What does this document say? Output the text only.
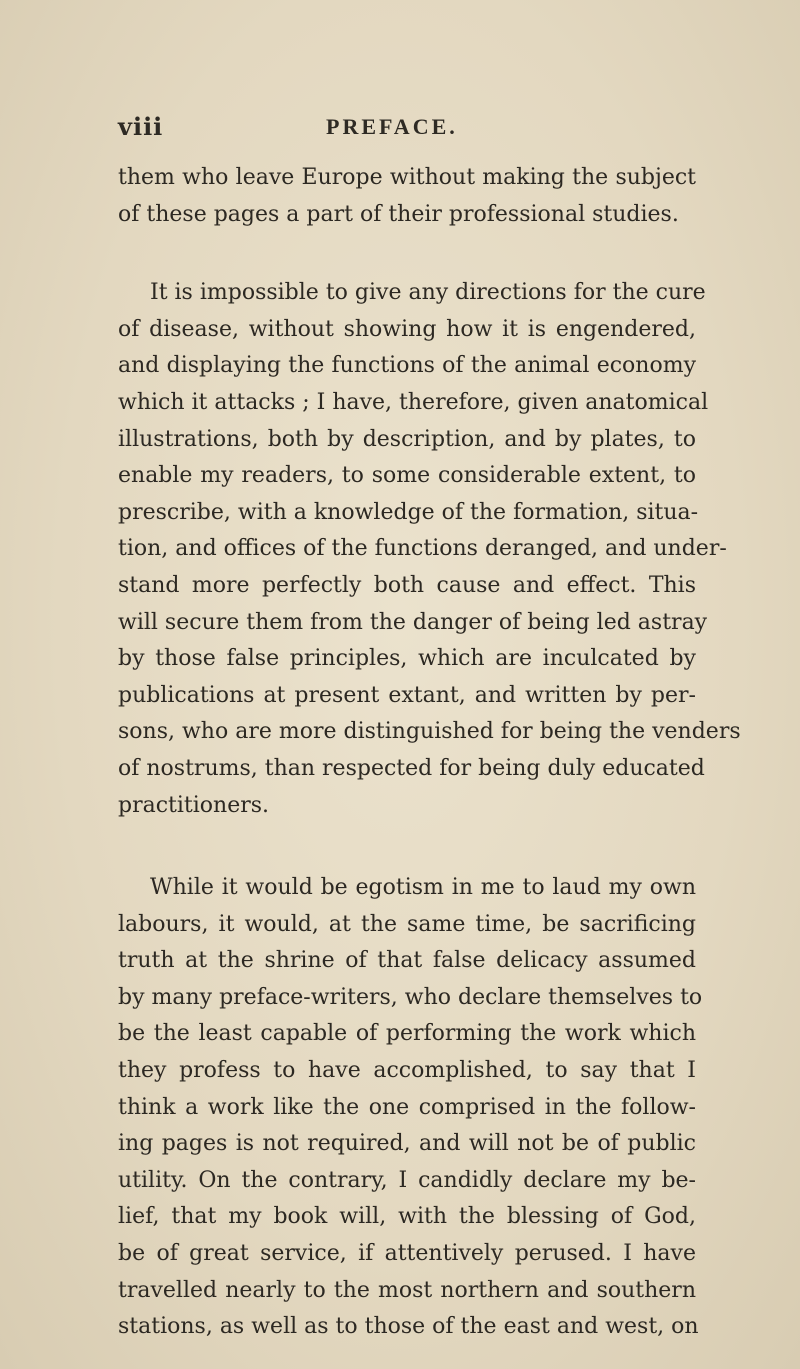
viii	PREFACE.
them who leave Europe without making the subject
of these pages a part of their professional studies.
It is impossible to give any directions for the cure
of disease, without showing how it is engendered,
and displaying the functions of the animal economy
which it attacks ; I have, therefore, given anatomical
illustrations, both by description, and by plates, to
enable my readers, to some considerable extent, to
prescribe, with a knowledge of the formation, situa-
tion, and offices of the functions deranged, and under-
stand more perfectly both cause and effect. This
will secure them from the danger of being led astray
by those false principles, which are inculcated by
publications at present extant, and written by per-
sons, who are more distinguished for being the venders
of nostrums, than respected for being duly educated
practitioners.
While it would be egotism in me to laud my own
labours, it would, at the same time, be sacrificing
truth at the shrine of that false delicacy assumed
by many preface-writers, who declare themselves to
be the least capable of performing the work which
they profess to have accomplished, to say that I
think a work like the one comprised in the follow-
ing pages is not required, and will not be of public
utility. On the contrary, I candidly declare my be-
lief, that my book will, with the blessing of God,
be of great service, if attentively perused. I have
travelled nearly to the most northern and southern
stations, as well as to those of the east and west, on
